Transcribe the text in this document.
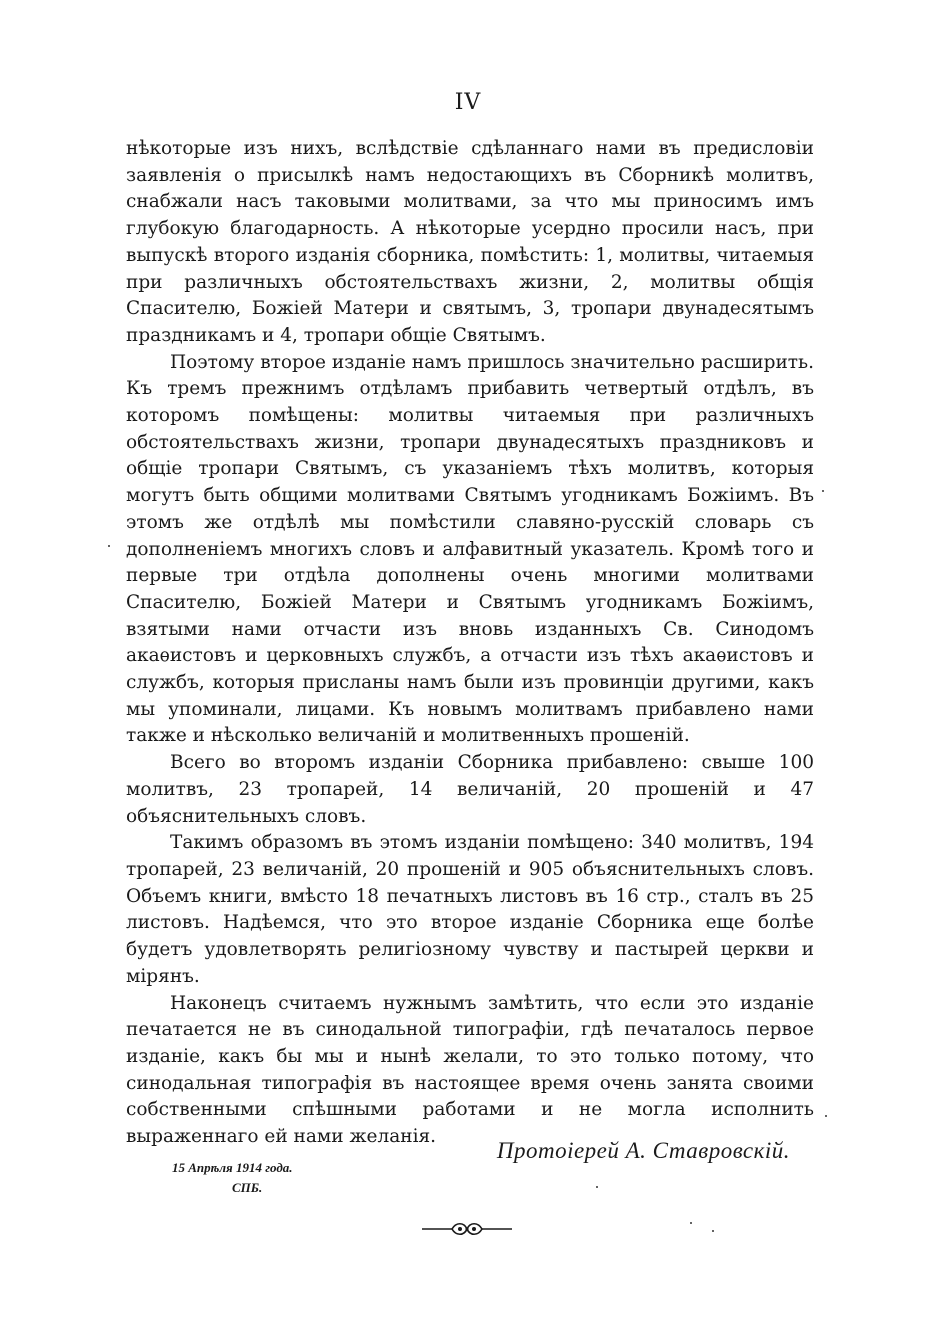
IV

нѣкоторые изъ нихъ, вслѣдствіе сдѣланнаго нами въ предисловіи заявленія о присылкѣ намъ недостающихъ въ Сборникѣ молитвъ, снабжали насъ таковыми молитвами, за что мы приносимъ имъ глубокую благодарность. А нѣкоторые усердно просили насъ, при выпускѣ второго изданія сборника, помѣстить: 1, молитвы, читаемыя при различныхъ обстоятельствахъ жизни, 2, молитвы общія Спасителю, Божіей Матери и святымъ, 3, тропари двунадесятымъ праздникамъ и 4, тропари общіе Святымъ.

Поэтому второе изданіе намъ пришлось значительно расширить. Къ тремъ прежнимъ отдѣламъ прибавить четвертый отдѣлъ, въ которомъ помѣщены: молитвы читаемыя при различныхъ обстоятельствахъ жизни, тропари двунадесятыхъ праздниковъ и общіе тропари Святымъ, съ указаніемъ тѣхъ молитвъ, которыя могутъ быть общими молитвами Святымъ угодникамъ Божіимъ. Въ этомъ же отдѣлѣ мы помѣстили славяно-русскій словарь съ дополненіемъ многихъ словъ и алфавитный указатель. Кромѣ того и первые три отдѣла дополнены очень многими молитвами Спасителю, Божіей Матери и Святымъ угодникамъ Божіимъ, взятыми нами отчасти изъ вновь изданныхъ Св. Синодомъ акаѳистовъ и церковныхъ службъ, а отчасти изъ тѣхъ акаѳистовъ и службъ, которыя присланы намъ были изъ провинціи другими, какъ мы упоминали, лицами. Къ новымъ молитвамъ прибавлено нами также и нѣсколько величаній и молитвенныхъ прошеній.

Всего во второмъ изданіи Сборника прибавлено: свыше 100 молитвъ, 23 тропарей, 14 величаній, 20 прошеній и 47 объяснительныхъ словъ.

Такимъ образомъ въ этомъ изданіи помѣщено: 340 молитвъ, 194 тропарей, 23 величаній, 20 прошеній и 905 объяснительныхъ словъ. Объемъ книги, вмѣсто 18 печатныхъ листовъ въ 16 стр., сталъ въ 25 листовъ. Надѣемся, что это второе изданіе Сборника еще болѣе будетъ удовлетворять религіозному чувству и пастырей церкви и мірянъ.

Наконецъ считаемъ нужнымъ замѣтить, что если это изданіе печатается не въ синодальной типографіи, гдѣ печаталось первое изданіе, какъ бы мы и нынѣ желали, то это только потому, что синодальная типографія въ настоящее время очень занята своими собственными спѣшными работами и не могла исполнить выраженнаго ей нами желанія.

Протоіерей А. Ставровскій.
15 Апрѣля 1914 года.
СПБ.
